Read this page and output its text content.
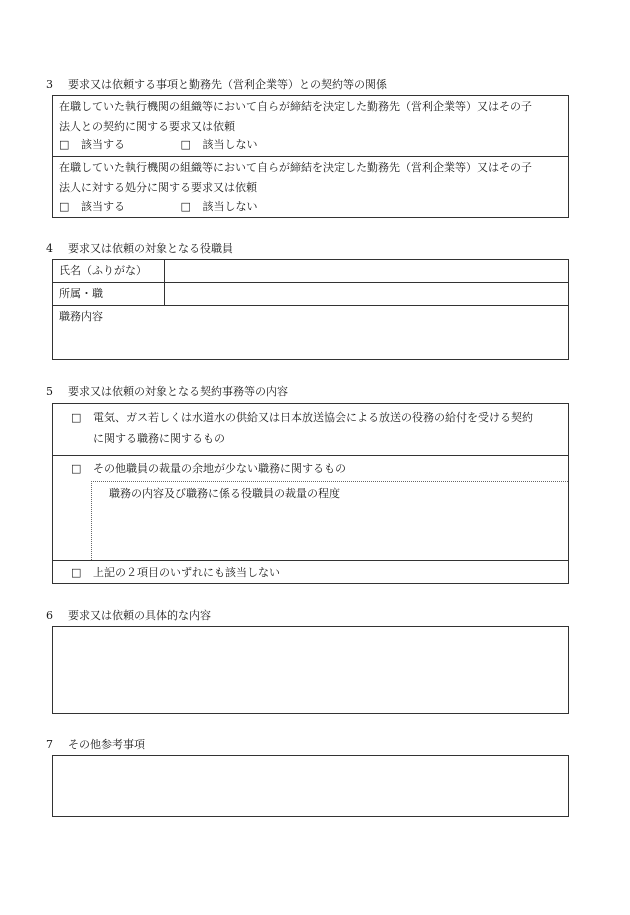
3 要求又は依頼する事項と勤務先（営利企業等）との契約等の関係
在職していた執行機関の組織等において自らが締結を決定した勤務先（営利企業等）又はその子
法人との契約に関する要求又は依頼
□ 該当する	□ 該当しない
在職していた執行機関の組織等において自らが締結を決定した勤務先（営利企業等）又はその子
法人に対する処分に関する要求又は依頼
□ 該当する	□ 該当しない
4 要求又は依頼の対象となる役職員
氏名（ふりがな）
所属・職
職務内容
5 要求又は依頼の対象となる契約事務等の内容
□ 電気、ガス若しくは水道水の供給又は日本放送協会による放送の役務の給付を受ける契約
に関する職務に関するもの
□ その他職員の裁量の余地が少ない職務に関するもの
職務の内容及び職務に係る役職員の裁量の程度
□ 上記の２項目のいずれにも該当しない
6 要求又は依頼の具体的な内容
7 その他参考事項
